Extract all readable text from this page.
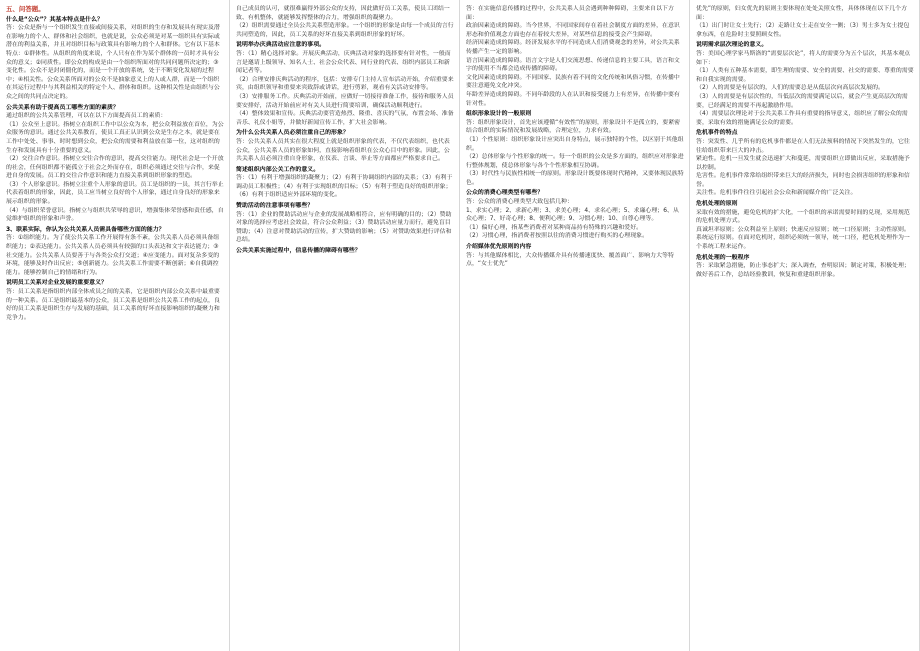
五、问答题。
什么是“公众”？其基本特点是什么？
答：公众是指与一个组织发生直接或间接关系，对组织的生存和发展具有现实及潜在影响力的个人、群体和社会组织，也就是说，公众必须是对某一组织具有实际或潜在的利益关系，并且对组织目标与政策具有影响力的个人和群体。它有以下基本特点：①群体性。从组织的角度来说，个人只有在作为某个群体的一员时才具有公众的意义；②同质性。即公众的构成是由一个组织所面对的共同问题所决定的；③变化性。公众不是封闭僵化的，而是一个开放的系统，处于不断变化发展的过程中；④相关性。公众关系所面对的公众不是抽象意义上的人或人群，而是一个组织在其运行过程中与其利益相关的特定个人、群体和组织。这种相关性是由组织与公众之间的共同点决定的。
公共关系有助于提高员工哪些方面的素质？
通过组织的公共关系管理，可以在以下方面提高员工的素质：
（1）公众至上意识。指树立在组织工作中以公众为本，把公众利益放在首位，为公众服务的意识。通过公共关系教育，使员工真正认识到公众是生存之本，就是要在工作中处处、事事、时时想到公众，把公众的需要和利益放在第一位，这对组织的生存和发展具有十分重要的意义。
（2）交往合作意识。指树立交往合作的意识，提高交往能力。现代社会是一个开放的社会，任何组织都不能孤立于社会之外而存在，组织必须通过交往与合作，来促进自身的发展。员工的交往合作意识和能力直接关系到组织形象的塑造。
（3）个人形象意识。指树立注重个人形象的意识。员工是组织的一员，其言行举止代表着组织的形象，因此，员工应当树立良好的个人形象，通过自身良好的形象来展示组织的形象。
（4）与组织荣誉意识。指树立与组织共荣辱的意识，增强集体荣誉感和责任感，自觉维护组织的形象和声誉。
3、联系实际，你认为公共关系人员需具备哪些方面的能力？
答：①组织能力。为了使公共关系工作开展得有条不紊，公共关系人员必须具备组织能力；②表达能力。公共关系人员必须具有较强的口头表达和文字表达能力；③社交能力。公共关系人员要善于与各类公众打交道；④应变能力。面对复杂多变的环境，能够及时作出反应；⑤创新能力。公共关系工作需要不断创新；⑥自我调控能力。能够控制自己的情绪和行为。
说明员工关系对企业发展的重要意义？
答：员工关系是指组织内部全体成员之间的关系，它是组织内部公众关系中最重要的一种关系。员工是组织最基本的公众，员工关系是组织公共关系工作的起点，良好的员工关系是组织生存与发展的基础，员工关系的好坏直接影响组织的凝聚力和竞争力。
自己成员的认可，就很难赢得外部公众的支持，因此做好员工关系，使员工团结一致、有机整体，就能够发挥整体的合力，增强组织的凝聚力。
（2）组织需要通过全员公共关系塑造形象。一个组织的形象是由每一个成员的言行共同塑造的，因此，员工关系的好坏直接关系到组织形象的好坏。
说明举办庆典活动应注意的事项。
答：（1）精心选择对象。开展庆典活动，庆典活动对象的选择要有针对性，一般而言是邀请上级领导、知名人士、社会公众代表、同行业的代表、组织内部员工和新闻记者等。
（2）合理安排庆典活动的程序，包括：安排专门主持人宣布活动开始，介绍重要来宾，由组织领导和重要来宾致辞或讲话，进行剪彩，观看有关活动安排等。
（3）安排服务工作。庆典活动开始前，应做好一切接待准备工作，接待和服务人员要安排好，活动开始前应对有关人员进行简要培训，确保活动顺利进行。
（4）整体效果和宣传。庆典活动要营造热烈、隆重、喜庆的气氛，布置会场、准备音乐、礼仪小姐等，并做好新闻宣传工作，扩大社会影响。
为什么公共关系人员必须注重自己的形象？
答：公共关系人员其实在很大程度上就是组织形象的代表，不仅代表组织，也代表公众，公共关系人员的形象如何，直接影响着组织在公众心目中的形象。因此，公共关系人员必须注重自身形象，在仪表、言谈、举止等方面都应严格要求自己。
简述组织内部公关工作的意义。
答：（1）有利于增强组织的凝聚力；（2）有利于协调组织内部的关系；（3）有利于调动员工积极性；（4）有利于实现组织的目标；（5）有利于塑造良好的组织形象；（6）有利于组织适应外部环境的变化。
赞助活动的注意事项有哪些？
答：（1）企业的赞助活动应与企业的发展战略相符合，应有明确的目的；（2）赞助对象的选择应考虑社会效益，符合公众利益；（3）赞助活动应量力而行，避免盲目赞助；（4）注意对赞助活动的宣传，扩大赞助的影响；（5）对赞助效果进行评估和总结。
公共关系实施过程中，信息传播的障碍有哪些？
答：在实施信息传播的过程中，公共关系人员会遇到种种障碍，主要来自以下方面：
政治因素造成的障碍。当今世界，不同国家间存在着社会制度方面的差异，在意识形态和价值观念方面也存在着较大差异，对某些信息的接受会产生障碍。
经济因素造成的障碍。经济发展水平的不同造成人们消费观念的差异，对公共关系传播产生一定的影响。
语言因素造成的障碍。语言文字是人们交流思想、传递信息的主要工具，语言和文字的使用不当都会造成传播的障碍。
文化因素造成的障碍。不同国家、民族有着不同的文化传统和风俗习惯，在传播中要注意避免文化冲突。
年龄差异造成的障碍。不同年龄段的人在认识和接受能力上有差异，在传播中要有针对性。
组织形象设计的一般原则
答：组织形象设计，首先应该遵循“有效性”的原则，形象设计不是孤立的，要紧密结合组织的实际情况和发展战略，合理定位，力求有效。
（1）个性原则：组织形象设计应突出自身特点，展示独特的个性，以区别于其他组织。
（2）总体形象与个性形象的统一。每一个组织的公众是多方面的，组织应对形象进行整体规划，使总体形象与各个个性形象相互协调。
（3）时代性与民族性相统一的原则。形象设计既要体现时代精神，又要体现民族特色。
公众的消费心理类型有哪些？
答：公众的消费心理类型大致包括几种：
1、求实心理；2、求新心理；3、求美心理；4、求名心理；5、求廉心理；6、从众心理；7、好奇心理；8、便利心理；9、习惯心理；10、自尊心理等。
（1）偏好心理，指某些消费者对某种商品持有特殊的兴趣和爱好。
（2）习惯心理，指消费者按照以往的消费习惯进行购买的心理现象。
介绍媒体优先原则的内容
答：与其他媒体相比，大众传播媒介具有传播速度快、覆盖面广、影响力大等特点，“女士优先”
优先”的原则，妇女优先的原则主要体现在处处关照女性，具体体现在以下几个方面：
（1）出门时让女士先行；（2）走路让女士走在安全一侧；（3）男士多为女士提包拿东西，在危险时主要照顾女性。
说明需求层次理论的意义。
答：美国心理学家马斯洛的“需要层次论”，将人的需要分为五个层次，其基本观点如下：
（1）人类有五种基本需要，即生理的需要、安全的需要、社交的需要、尊重的需要和自我实现的需要。
（2）人的需要是有层次的，人们的需要总是从低层次向高层次发展的。
（3）人的需要是有层次性的，当低层次的需要满足以后，就会产生更高层次的需要，已经满足的需要不再起激励作用。
（4）需要层次理论对于公共关系工作具有重要的指导意义，组织应了解公众的需要，采取有效的措施满足公众的需要。
危机事件的特点
答：突发性、几乎所有的危机事件都是在人们无法预料的情况下突然发生的，它往往给组织带来巨大的冲击。
紧迫性。危机一旦发生就会迅速扩大和蔓延，需要组织立即做出反应，采取措施予以控制。
危害性。危机事件常常给组织带来巨大的经济损失，同时也会损害组织的形象和信誉。
关注性。危机事件往往引起社会公众和新闻媒介的广泛关注。
危机处理的原则
采取有效的措施，避免危机的扩大化，一个组织的承诺需要时间的兑现，采用规范的危机处理方式。
真诚坦率原则；公众利益至上原则；快速反应原则；统一口径原则；主动性原则。
系统运行原则。在面对危机时，组织必须统一领导，统一口径，把危机处理作为一个系统工程来运作。
危机处理的一般程序
答：采取紧急措施，防止事态扩大；深入调查，查明原因；制定对策，积极处理；做好善后工作，总结经验教训，恢复和重建组织形象。
